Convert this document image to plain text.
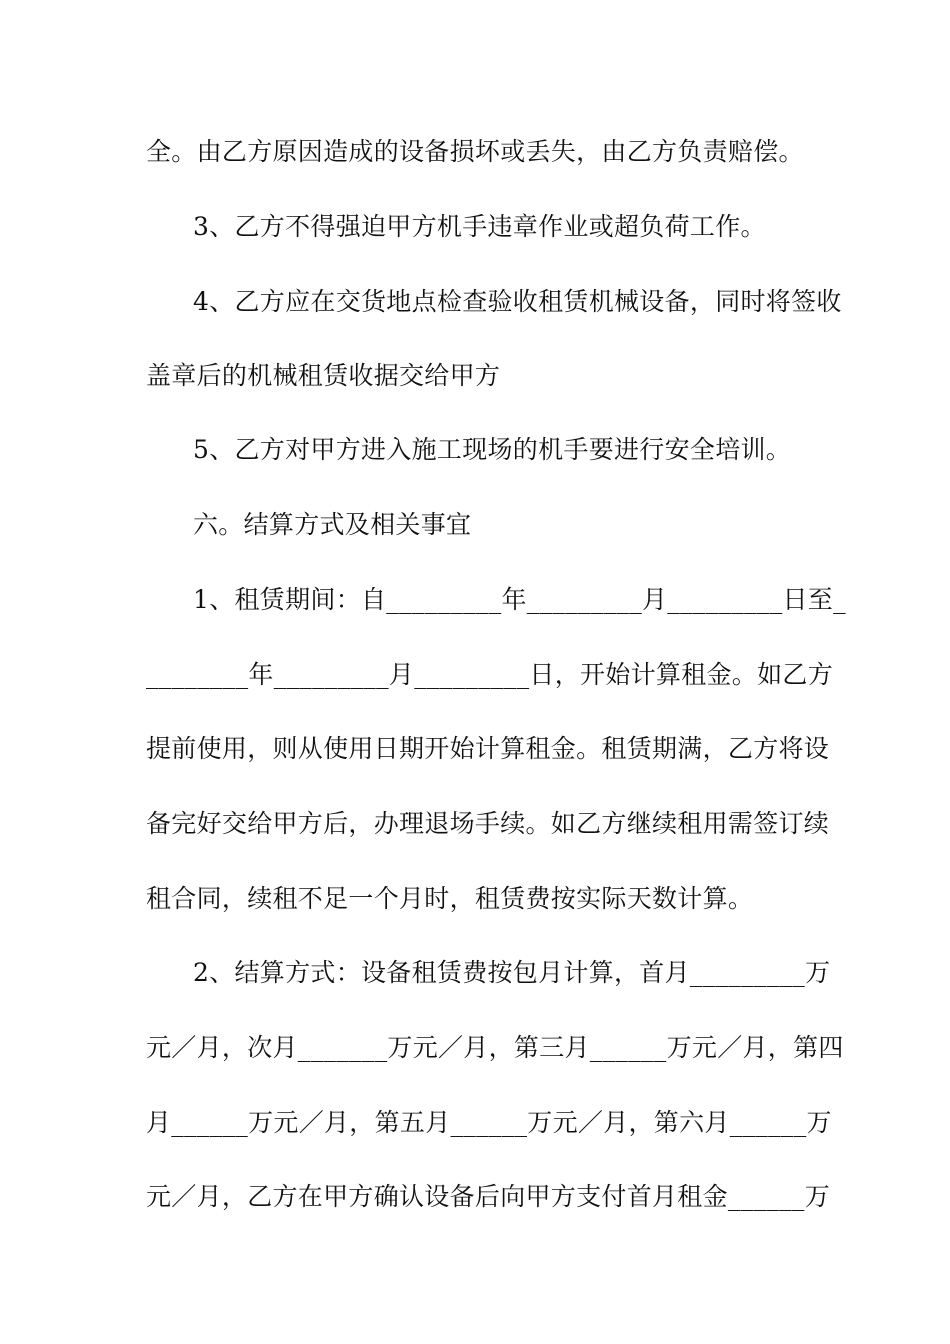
全。由乙方原因造成的设备损坏或丢失，由乙方负责赔偿。
3、乙方不得强迫甲方机手违章作业或超负荷工作。
4、乙方应在交货地点检查验收租赁机械设备，同时将签收
盖章后的机械租赁收据交给甲方
5、乙方对甲方进入施工现场的机手要进行安全培训。
六。结算方式及相关事宜
1、租赁期间：自_________年_________月_________日至_
________年_________月_________日，开始计算租金。如乙方
提前使用，则从使用日期开始计算租金。租赁期满，乙方将设
备完好交给甲方后，办理退场手续。如乙方继续租用需签订续
租合同，续租不足一个月时，租赁费按实际天数计算。
2、结算方式：设备租赁费按包月计算，首月_________万
元／月，次月_______万元／月，第三月______万元／月，第四
月______万元／月，第五月______万元／月，第六月______万
元／月，乙方在甲方确认设备后向甲方支付首月租金______万
